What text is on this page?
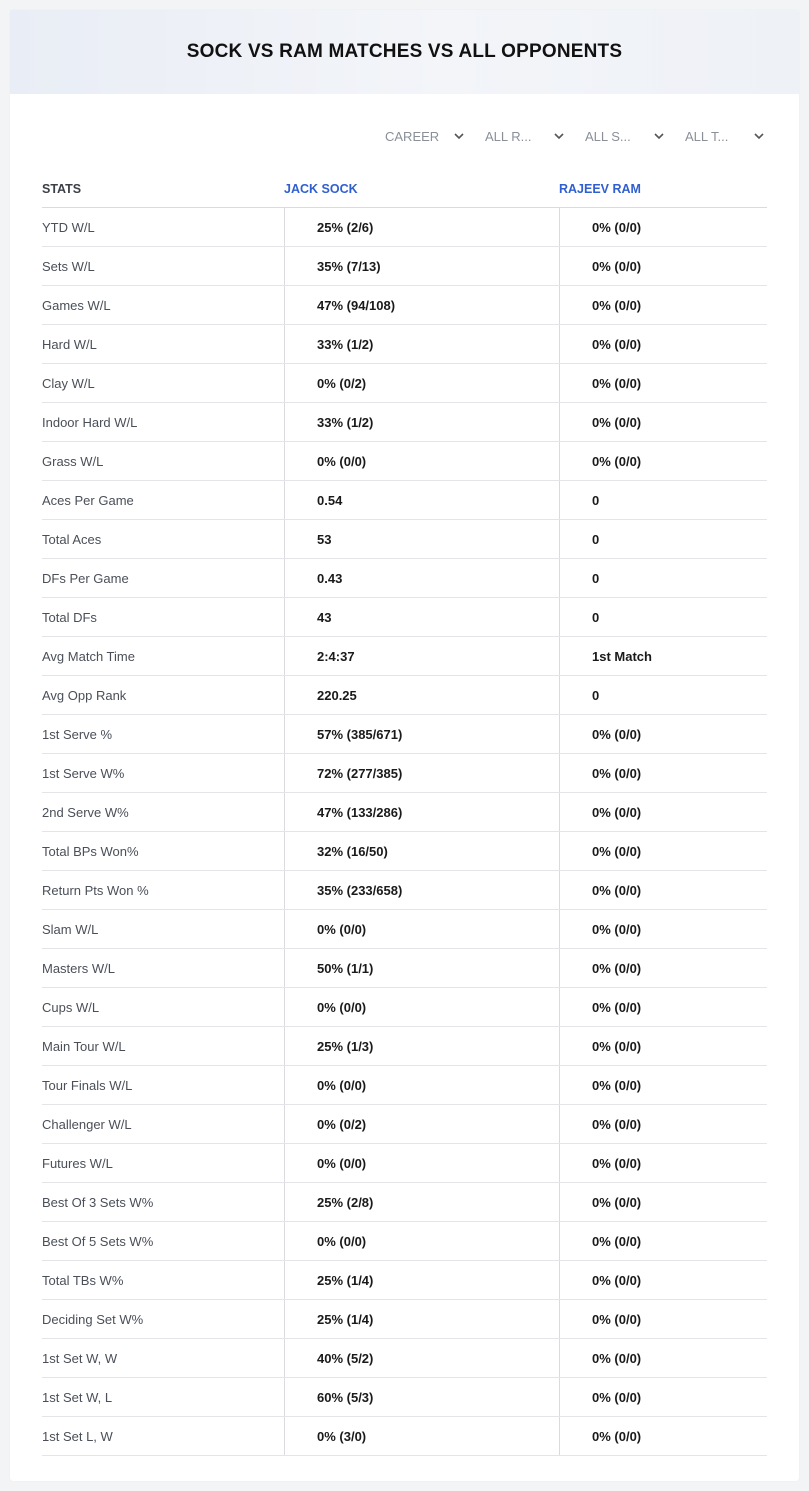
SOCK VS RAM MATCHES VS ALL OPPONENTS
CAREER	ALL R...	ALL S...	ALL T...
STATS	JACK SOCK	RAJEEV RAM
YTD W/L	25% (2/6)	0% (0/0)
Sets W/L	35% (7/13)	0% (0/0)
Games W/L	47% (94/108)	0% (0/0)
Hard W/L	33% (1/2)	0% (0/0)
Clay W/L	0% (0/2)	0% (0/0)
Indoor Hard W/L	33% (1/2)	0% (0/0)
Grass W/L	0% (0/0)	0% (0/0)
Aces Per Game	0.54	0
Total Aces	53	0
DFs Per Game	0.43	0
Total DFs	43	0
Avg Match Time	2:4:37	1st Match
Avg Opp Rank	220.25	0
1st Serve %	57% (385/671)	0% (0/0)
1st Serve W%	72% (277/385)	0% (0/0)
2nd Serve W%	47% (133/286)	0% (0/0)
Total BPs Won%	32% (16/50)	0% (0/0)
Return Pts Won %	35% (233/658)	0% (0/0)
Slam W/L	0% (0/0)	0% (0/0)
Masters W/L	50% (1/1)	0% (0/0)
Cups W/L	0% (0/0)	0% (0/0)
Main Tour W/L	25% (1/3)	0% (0/0)
Tour Finals W/L	0% (0/0)	0% (0/0)
Challenger W/L	0% (0/2)	0% (0/0)
Futures W/L	0% (0/0)	0% (0/0)
Best Of 3 Sets W%	25% (2/8)	0% (0/0)
Best Of 5 Sets W%	0% (0/0)	0% (0/0)
Total TBs W%	25% (1/4)	0% (0/0)
Deciding Set W%	25% (1/4)	0% (0/0)
1st Set W, W	40% (5/2)	0% (0/0)
1st Set W, L	60% (5/3)	0% (0/0)
1st Set L, W	0% (3/0)	0% (0/0)
